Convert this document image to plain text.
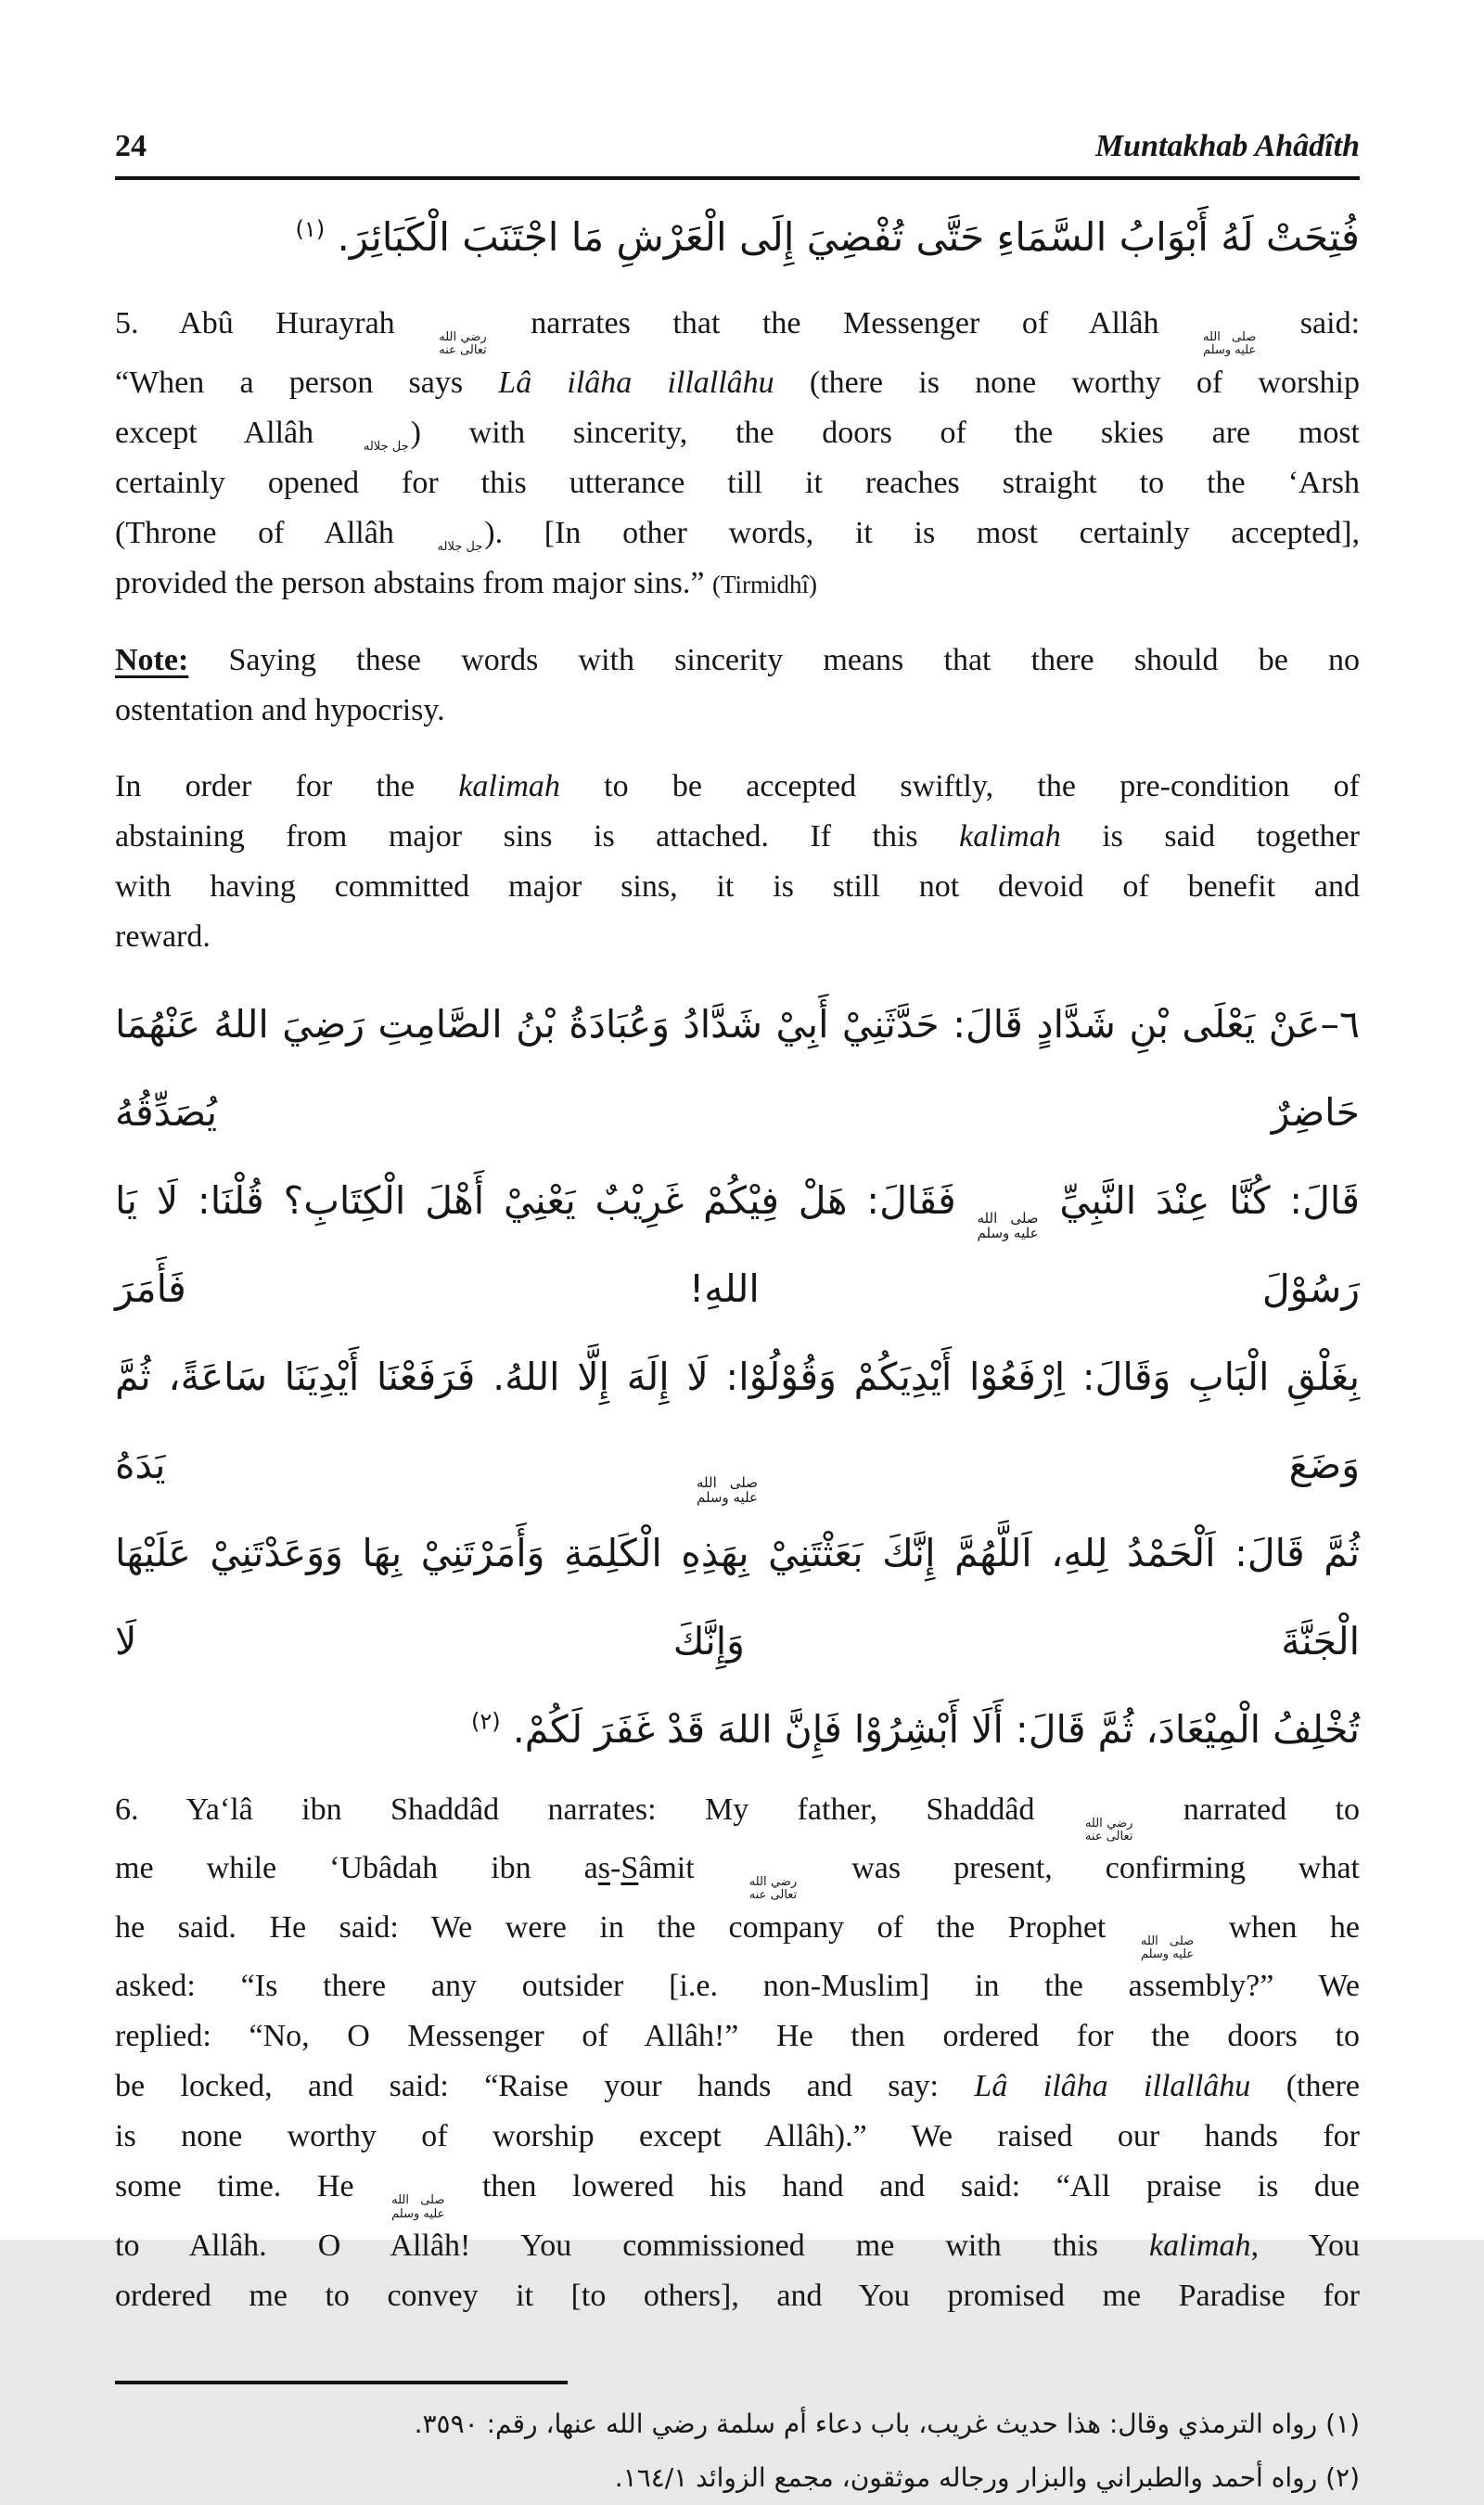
24	Muntakhab Ahâdîth
فُتِحَتْ لَهُ أَبْوَابُ السَّمَاءِ حَتَّى تُفْضِيَ إِلَى الْعَرْشِ مَا اجْتَنَبَ الْكَبَائِرَ. $^{(١)}$
5. Abû Hurayrah رضي الله
تعالى عنه
narrates that the Messenger of Allâh صلى الله
عليه وسلم
said:
“When a person says Lâ ilâha illallâhu (there is none worthy of worship
except Allâh جل جلاله ) with sincerity, the doors of the skies are most
certainly opened for this utterance till it reaches straight to the ‘Arsh
(Throne of Allâh جل جلاله ). [In other words, it is most certainly accepted],
provided the person abstains from major sins.” (Tirmidhî)
Note: Saying these words with sincerity means that there should be no
ostentation and hypocrisy.
In order for the kalimah to be accepted swiftly, the pre-condition of
abstaining from major sins is attached. If this kalimah is said together
with having committed major sins, it is still not devoid of benefit and
reward.
٦–عَنْ يَعْلَى بْنِ شَدَّادٍ قَالَ: حَدَّثَنِيْ أَبِيْ شَدَّادُ وَعُبَادَةُ بْنُ الصَّامِتِ رَضِيَ اللهُ عَنْهُمَا حَاضِرٌ يُصَدِّقُهُ
قَالَ: كُنَّا عِنْدَ النَّبِيِّ
صلى الله
عليه وسلم
فَقَالَ: هَلْ فِيْكُمْ غَرِيْبٌ يَعْنِيْ أَهْلَ الْكِتَابِ؟ قُلْنَا: لَا يَا رَسُوْلَ اللهِ! فَأَمَرَ
بِغَلْقِ الْبَابِ وَقَالَ: اِرْفَعُوْا أَيْدِيَكُمْ وَقُوْلُوْا: لَا إِلَهَ إِلَّا اللهُ. فَرَفَعْنَا أَيْدِيَنَا سَاعَةً، ثُمَّ وَضَعَ
صلى الله
عليه وسلم
يَدَهُ
ثُمَّ قَالَ: اَلْحَمْدُ لِلهِ، اَللَّهُمَّ إِنَّكَ بَعَثْتَنِيْ بِهَذِهِ الْكَلِمَةِ وَأَمَرْتَنِيْ بِهَا وَوَعَدْتَنِيْ عَلَيْهَا الْجَنَّةَ وَإِنَّكَ لَا
تُخْلِفُ الْمِيْعَادَ، ثُمَّ قَالَ: أَلَا أَبْشِرُوْا فَإِنَّ اللهَ قَدْ غَفَرَ لَكُمْ. $^{(٢)}$
6. Ya‘lâ ibn Shaddâd narrates: My father, Shaddâd رضي الله
تعالى عنه
narrated to
me while ‘Ubâdah ibn as-Sâmit رضي الله
تعالى عنه
was present, confirming what
he said. He said: We were in the company of the Prophet صلى الله
عليه وسلم
when he
asked: “Is there any outsider [i.e. non-Muslim] in the assembly?” We
replied: “No, O Messenger of Allâh!” He then ordered for the doors to
be locked, and said: “Raise your hands and say: Lâ ilâha illallâhu (there
is none worthy of worship except Allâh).” We raised our hands for
some time. He صلى الله
عليه وسلم
then lowered his hand and said: “All praise is due
to Allâh. O Allâh! You commissioned me with this kalimah, You
ordered me to convey it [to others], and You promised me Paradise for
(١) رواه الترمذي وقال: هذا حديث غريب، باب دعاء أم سلمة رضي الله عنها، رقم: ٣٥٩٠.
(٢) رواه أحمد والطبراني والبزار ورجاله موثقون، مجمع الزوائد ١٦٤/١.
